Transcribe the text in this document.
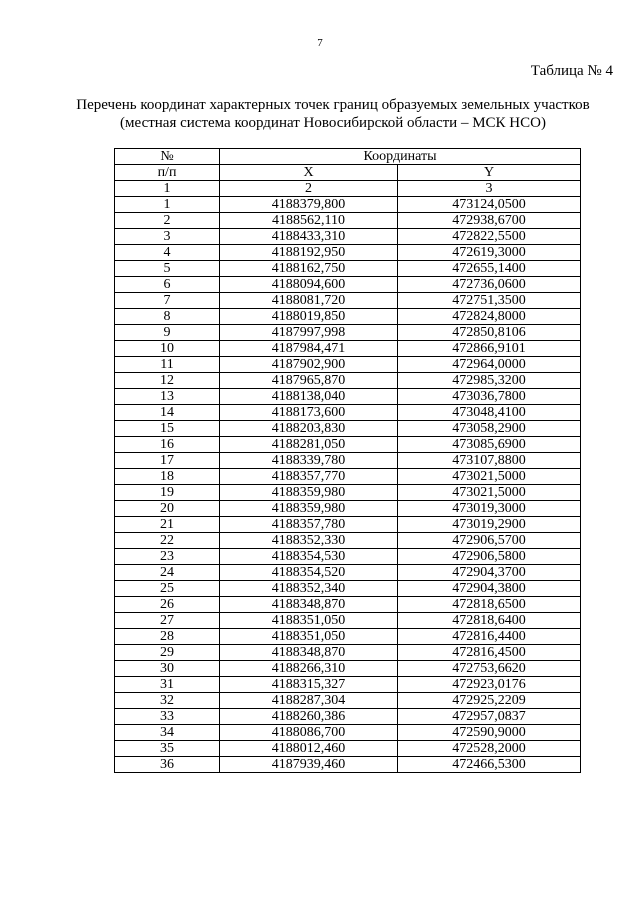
7
Таблица № 4
Перечень координат характерных точек границ образуемых земельных участков
(местная система координат Новосибирской области – МСК НСО)
№	Координаты	
п/п	X	Y
1	2	3
1	4188379,800	473124,0500
2	4188562,110	472938,6700
3	4188433,310	472822,5500
4	4188192,950	472619,3000
5	4188162,750	472655,1400
6	4188094,600	472736,0600
7	4188081,720	472751,3500
8	4188019,850	472824,8000
9	4187997,998	472850,8106
10	4187984,471	472866,9101
11	4187902,900	472964,0000
12	4187965,870	472985,3200
13	4188138,040	473036,7800
14	4188173,600	473048,4100
15	4188203,830	473058,2900
16	4188281,050	473085,6900
17	4188339,780	473107,8800
18	4188357,770	473021,5000
19	4188359,980	473021,5000
20	4188359,980	473019,3000
21	4188357,780	473019,2900
22	4188352,330	472906,5700
23	4188354,530	472906,5800
24	4188354,520	472904,3700
25	4188352,340	472904,3800
26	4188348,870	472818,6500
27	4188351,050	472818,6400
28	4188351,050	472816,4400
29	4188348,870	472816,4500
30	4188266,310	472753,6620
31	4188315,327	472923,0176
32	4188287,304	472925,2209
33	4188260,386	472957,0837
34	4188086,700	472590,9000
35	4188012,460	472528,2000
36	4187939,460	472466,5300
